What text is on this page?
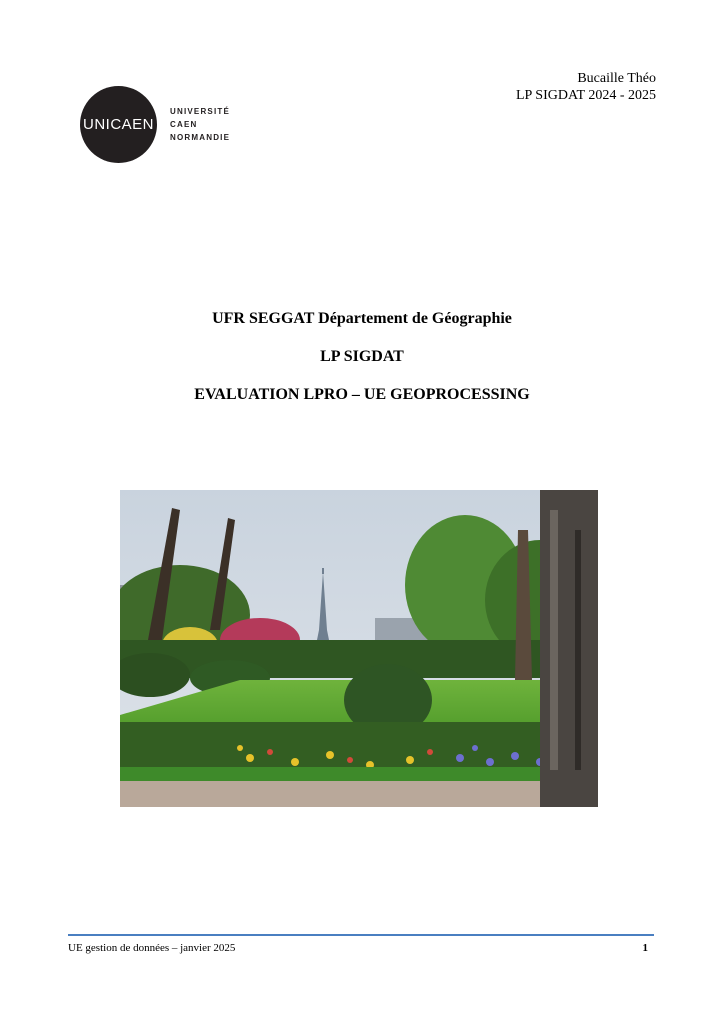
UNICAEN
UNIVERSITÉ
CAEN
NORMANDIE
Bucaille Théo
LP SIGDAT 2024 - 2025
UFR SEGGAT Département de Géographie
LP SIGDAT
EVALUATION LPRO – UE GEOPROCESSING
UE gestion de données – janvier 2025	1
